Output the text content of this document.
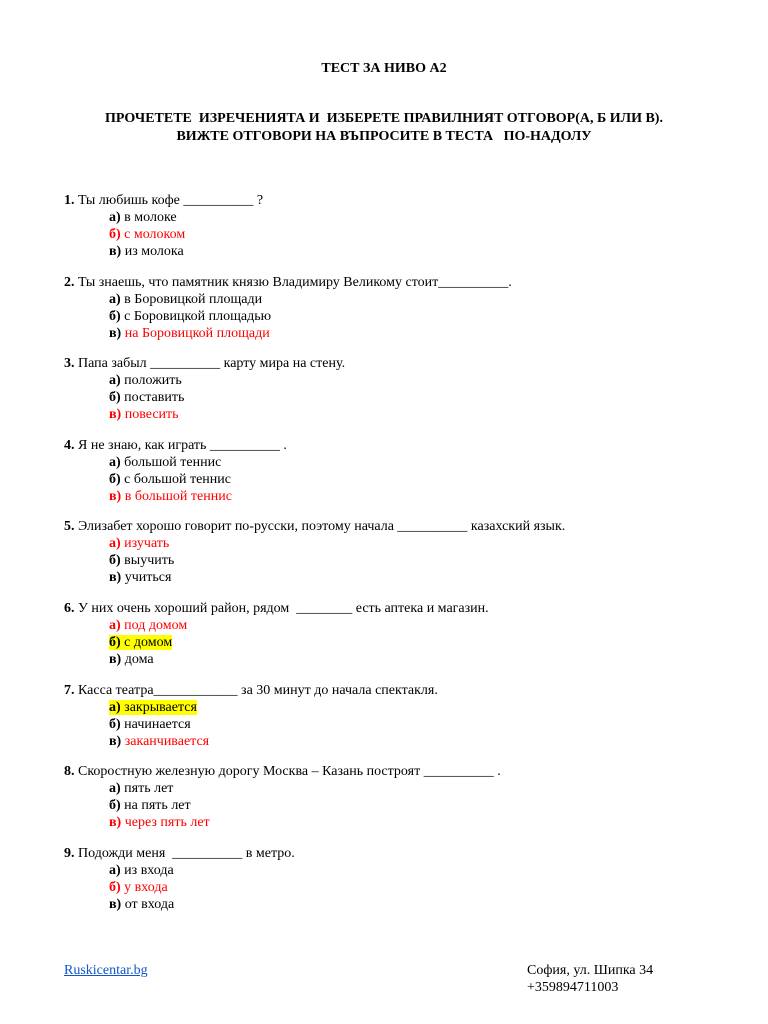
ТЕСТ ЗА НИВО А2
ПРОЧЕТЕТЕ  ИЗРЕЧЕНИЯТА И  ИЗБЕРЕТЕ ПРАВИЛНИЯТ ОТГОВОР(А, Б ИЛИ В).
ВИЖТЕ ОТГОВОРИ НА ВЪПРОСИТЕ В ТЕСТА   ПО-НАДОЛУ
1. Ты любишь кофе __________ ?
а) в молоке
б) с молоком
в) из молока
2. Ты знаешь, что памятник князю Владимиру Великому стоит__________.
а) в Боровицкой площади
б) с Боровицкой площадью
в) на Боровицкой площади
3. Папа забыл __________ карту мира на стену.
а) положить
б) поставить
в) повесить
4. Я не знаю, как играть __________ .
а) большой теннис
б) с большой теннис
в) в большой теннис
5. Элизабет хорошо говорит по-русски, поэтому начала __________ казахский язык.
а) изучать
б) выучить
в) учиться
6. У них очень хороший район, рядом  ________ есть аптека и магазин.
а) под домом
б) с домом
в) дома
7. Касса театра____________ за 30 минут до начала спектакля.
а) закрывается
б) начинается
в) заканчивается
8. Скоростную железную дорогу Москва – Казань построят __________ .
а) пять лет
б) на пять лет
в) через пять лет
9. Подожди меня  __________ в метро.
а) из входа
б) у входа
в) от входа
Ruskicentar.bg	София, ул. Шипка 34
+359894711003
